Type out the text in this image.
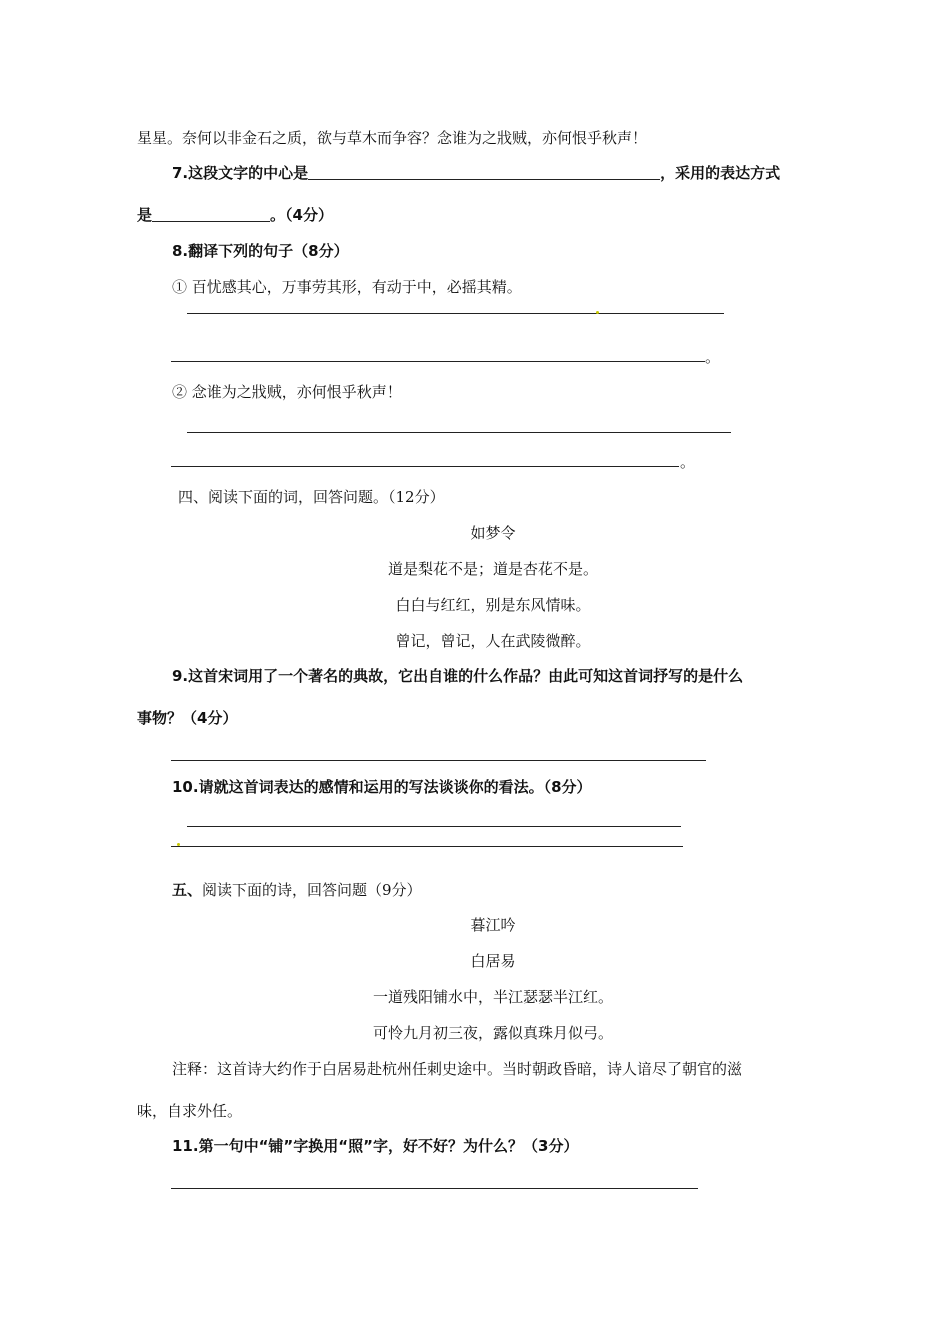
星星。奈何以非金石之质，欲与草木而争容？念谁为之戕贼，亦何恨乎秋声！
7.这段文字的中心是	，采用的表达方式
是	。（4分）
8.翻译下列的句子（8分）
① 百忧感其心，万事劳其形，有动于中，必摇其精。
。
② 念谁为之戕贼，亦何恨乎秋声！
。
四、阅读下面的词，回答问题。（12分）
如梦令
道是梨花不是；道是杏花不是。
白白与红红，别是东风情味。
曾记，曾记，人在武陵微醉。
9.这首宋词用了一个著名的典故，它出自谁的什么作品？由此可知这首词抒写的是什么
事物？（4分）
10.请就这首词表达的感情和运用的写法谈谈你的看法。（8分）
五、阅读下面的诗，回答问题（9分）
暮江吟
白居易
一道残阳铺水中，半江瑟瑟半江红。
可怜九月初三夜，露似真珠月似弓。
注释：这首诗大约作于白居易赴杭州任刺史途中。当时朝政昏暗，诗人谙尽了朝官的滋
味，自求外任。
11.第一句中“铺”字换用“照”字，好不好？为什么？（3分）
